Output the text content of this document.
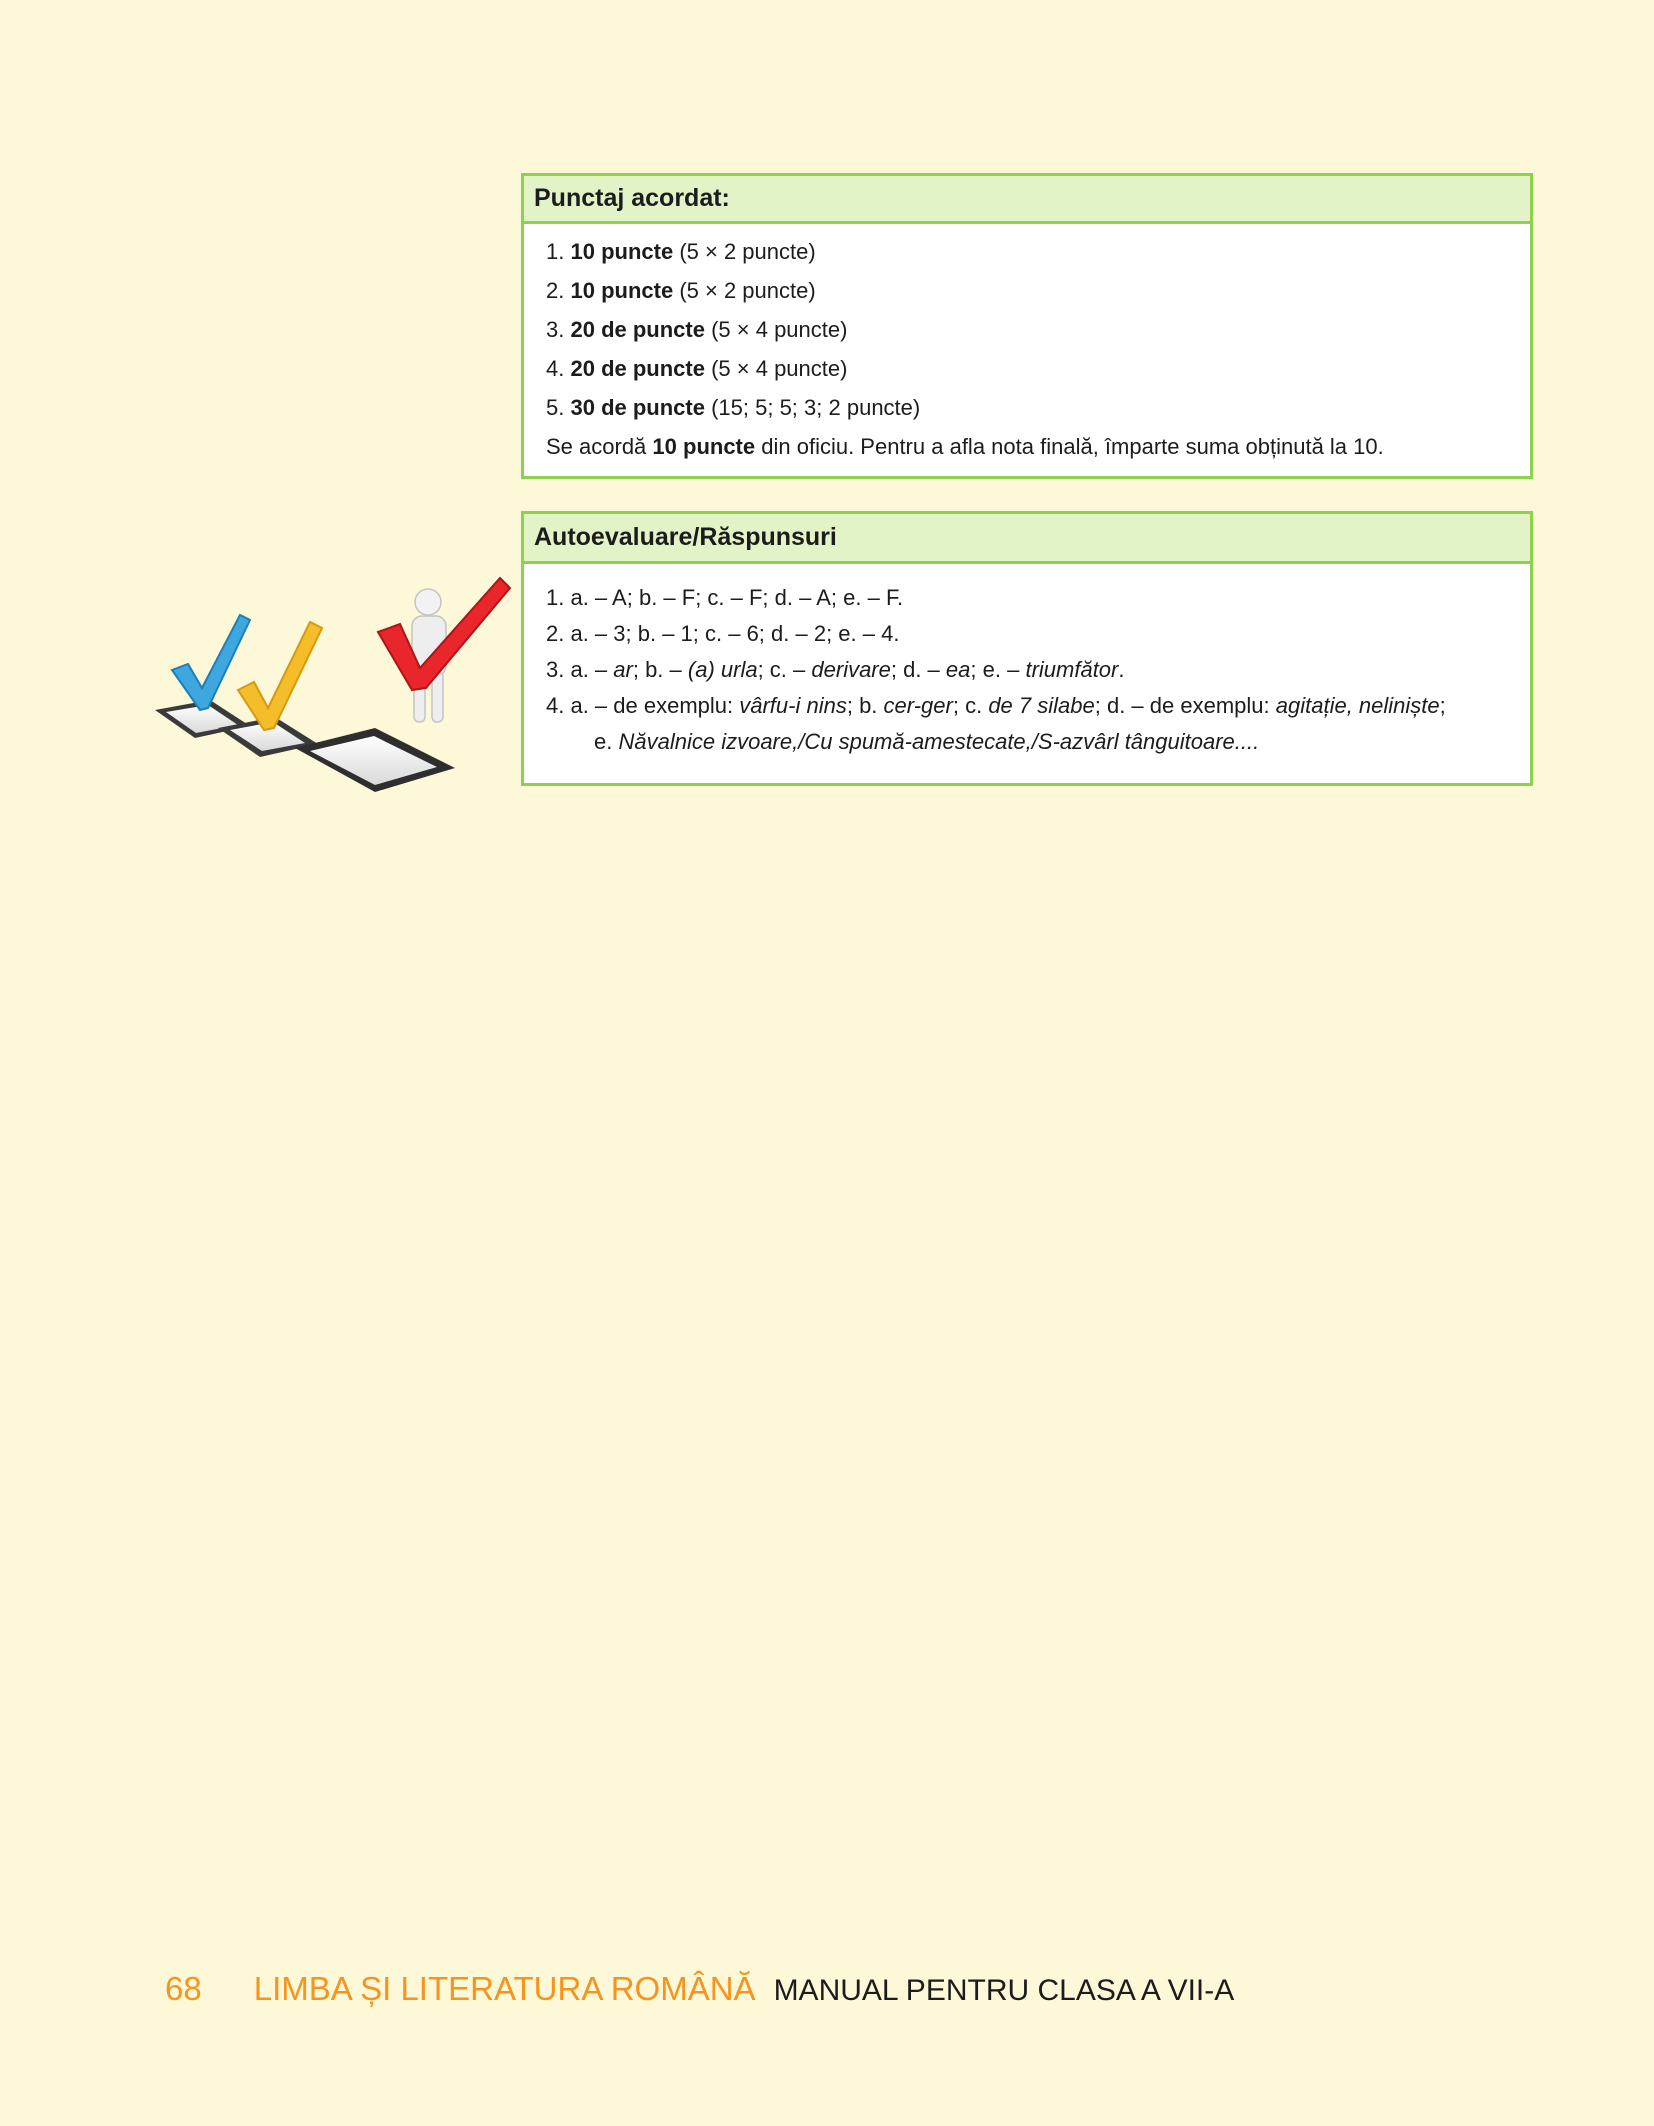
Punctaj acordat:
1. 10 puncte (5 × 2 puncte)
2. 10 puncte (5 × 2 puncte)
3. 20 de puncte (5 × 4 puncte)
4. 20 de puncte (5 × 4 puncte)
5. 30 de puncte (15; 5; 5; 3; 2 puncte)
Se acordă 10 puncte din oficiu. Pentru a afla nota finală, împarte suma obținută la 10.
Autoevaluare/Răspunsuri
1. a. – A; b. – F; c. – F; d. – A; e. – F.
2. a. – 3; b. – 1; c. – 6; d. – 2; e. – 4.
3. a. – ar; b. – (a) urla; c. – derivare; d. – ea; e. – triumfător.
4. a. – de exemplu: vârfu-i nins; b. cer-ger; c. de 7 silabe; d. – de exemplu: agitație, neliniște;
e. Năvalnice izvoare,/Cu spumă-amestecate,/S-azvârl tânguitoare....
68 LIMBA ȘI LITERATURA ROMÂNĂ MANUAL PENTRU CLASA A VII-A
